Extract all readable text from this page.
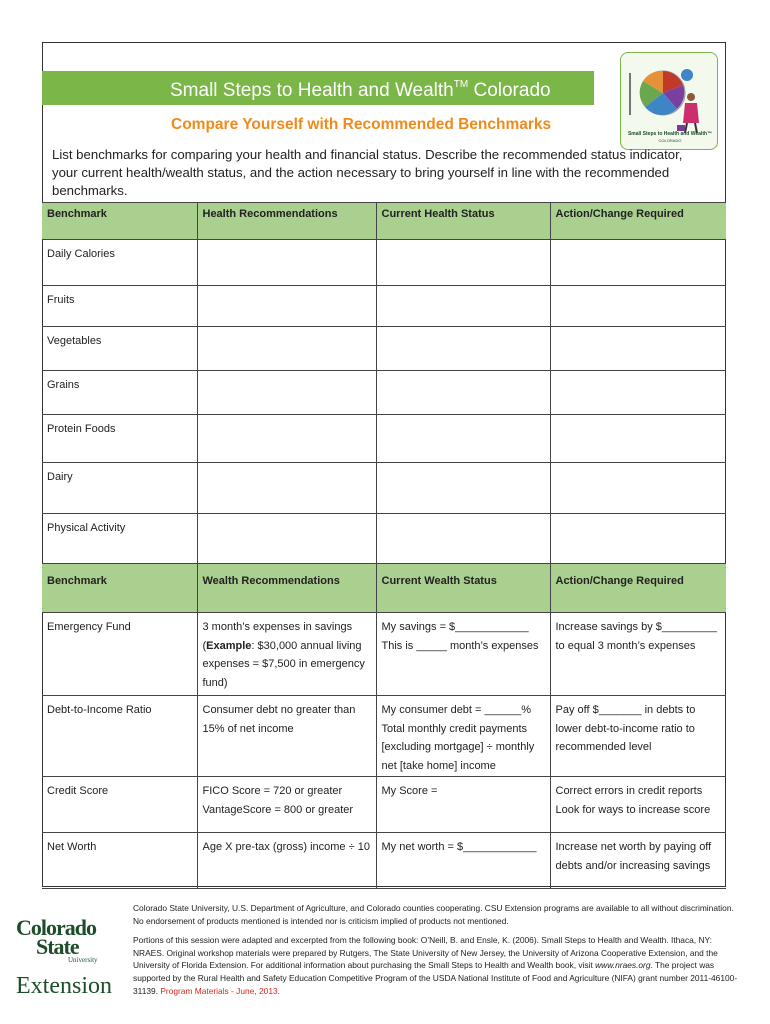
Small Steps to Health and Wealth™ Colorado
Small Steps to Health and Wealth™
COLORADO
Compare Yourself with Recommended Benchmarks
List benchmarks for comparing your health and financial status. Describe the recommended status indicator, your current health/wealth status, and the action necessary to bring yourself in line with the recommended benchmarks.
Benchmark	Health Recommendations	Current Health Status	Action/Change Required

Daily Calories			

Fruits			

Vegetables			

Grains			

Protein Foods			

Dairy			

Physical Activity			

Benchmark	Wealth Recommendations	Current Wealth Status	Action/Change Required

Emergency Fund	3 month’s expenses in savings (Example: $30,000 annual living expenses = $7,500 in emergency fund)	My savings = $____________ This is _____ month’s expenses	Increase savings by $_________ to equal 3 month’s expenses

Debt-to-Income Ratio	Consumer debt no greater than 15% of net income	My consumer debt = ______% Total monthly credit payments [excluding mortgage] ÷ monthly net [take home] income	Pay off $_______ in debts to lower debt-to-income ratio to recommended level

Credit Score	FICO Score = 720 or greater VantageScore = 800 or greater	My Score =	Correct errors in credit reports Look for ways to increase score

Net Worth	Age X pre-tax (gross) income ÷ 10	My net worth = $____________	Increase net worth by paying off debts and/or increasing savings
Colorado
State
University
Extension

Colorado State University, U.S. Department of Agriculture, and Colorado counties cooperating. CSU Extension programs are available to all without discrimination. No endorsement of products mentioned is intended nor is criticism implied of products not mentioned.

Portions of this session were adapted and excerpted from the following book: O’Neill, B. and Ensle, K. (2006). Small Steps to Health and Wealth. Ithaca, NY: NRAES. Original workshop materials were prepared by Rutgers, The State University of New Jersey, the University of Arizona Cooperative Extension, and the University of Florida Extension. For additional information about purchasing the Small Steps to Health and Wealth book, visit www.nraes.org. The project was supported by the Rural Health and Safety Education Competitive Program of the USDA National Institute of Food and Agriculture (NIFA) grant number 2011-46100-31139. Program Materials - June, 2013.
